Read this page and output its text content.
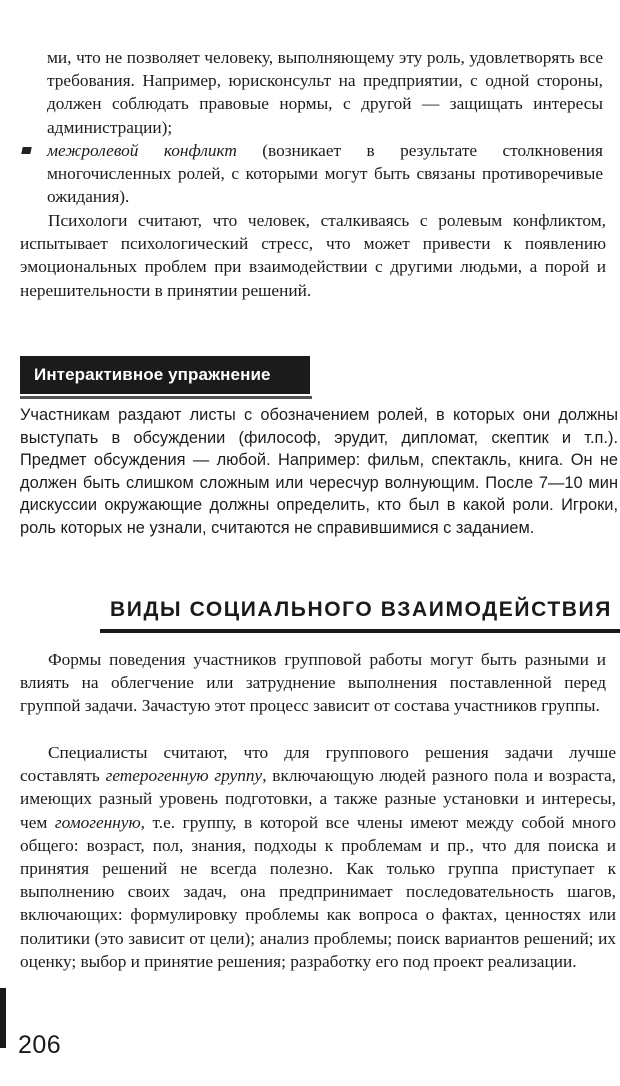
ми, что не позволяет человеку, выполняющему эту роль, удовлетворять все требования. Например, юрисконсульт на предприятии, с одной стороны, должен соблюдать правовые нормы, с другой — защищать интересы администрации);

межролевой конфликт (возникает в результате столкновения многочисленных ролей, с которыми могут быть связаны противоречивые ожидания).

Психологи считают, что человек, сталкиваясь с ролевым конфликтом, испытывает психологический стресс, что может привести к появлению эмоциональных проблем при взаимодействии с другими людьми, а порой и нерешительности в принятии решений.

Интерактивное упражнение

Участникам раздают листы с обозначением ролей, в которых они должны выступать в обсуждении (философ, эрудит, дипломат, скептик и т.п.). Предмет обсуждения — любой. Например: фильм, спектакль, книга. Он не должен быть слишком сложным или чересчур волнующим. После 7—10 мин дискуссии окружающие должны определить, кто был в какой роли. Игроки, роль которых не узнали, считаются не справившимися с заданием.

ВИДЫ СОЦИАЛЬНОГО ВЗАИМОДЕЙСТВИЯ

Формы поведения участников групповой работы могут быть разными и влиять на облегчение или затруднение выполнения поставленной перед группой задачи. Зачастую этот процесс зависит от состава участников группы.

Специалисты считают, что для группового решения задачи лучше составлять гетерогенную группу, включающую людей разного пола и возраста, имеющих разный уровень подготовки, а также разные установки и интересы, чем гомогенную, т.е. группу, в которой все члены имеют между собой много общего: возраст, пол, знания, подходы к проблемам и пр., что для поиска и принятия решений не всегда полезно. Как только группа приступает к выполнению своих задач, она предпринимает последовательность шагов, включающих: формулировку проблемы как вопроса о фактах, ценностях или политики (это зависит от цели); анализ проблемы; поиск вариантов решений; их оценку; выбор и принятие решения; разработку его под проект реализации.

206
